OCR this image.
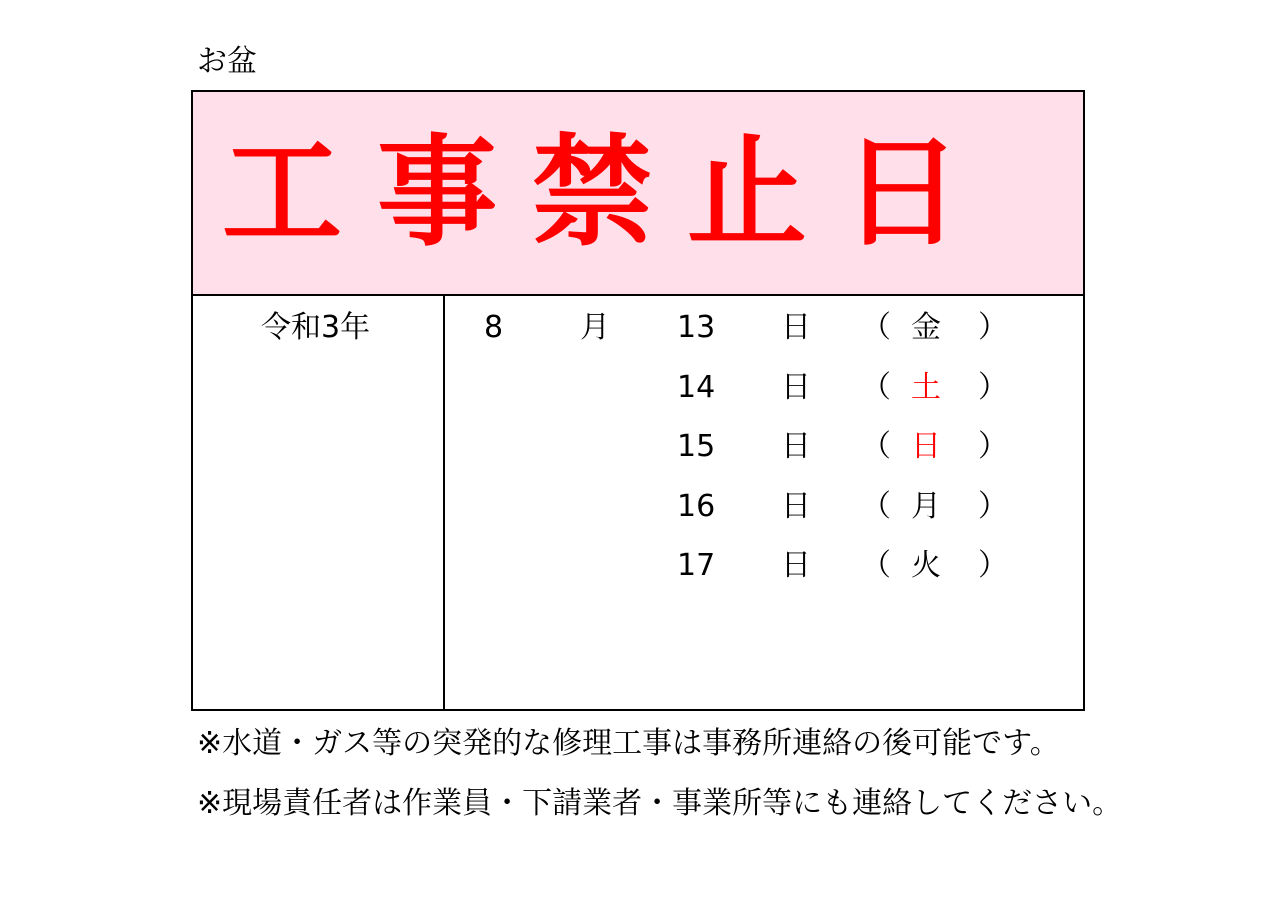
お盆
工 事 禁 止 日
令和3年	8	月 13 日 （ 金 ）
14 日 （ 土 ）
15 日 （ 日 ）
16 日 （ 月 ）
17 日 （ 火 ）
※水道・ガス等の突発的な修理工事は事務所連絡の後可能です。
※現場責任者は作業員・下請業者・事業所等にも連絡してください。
